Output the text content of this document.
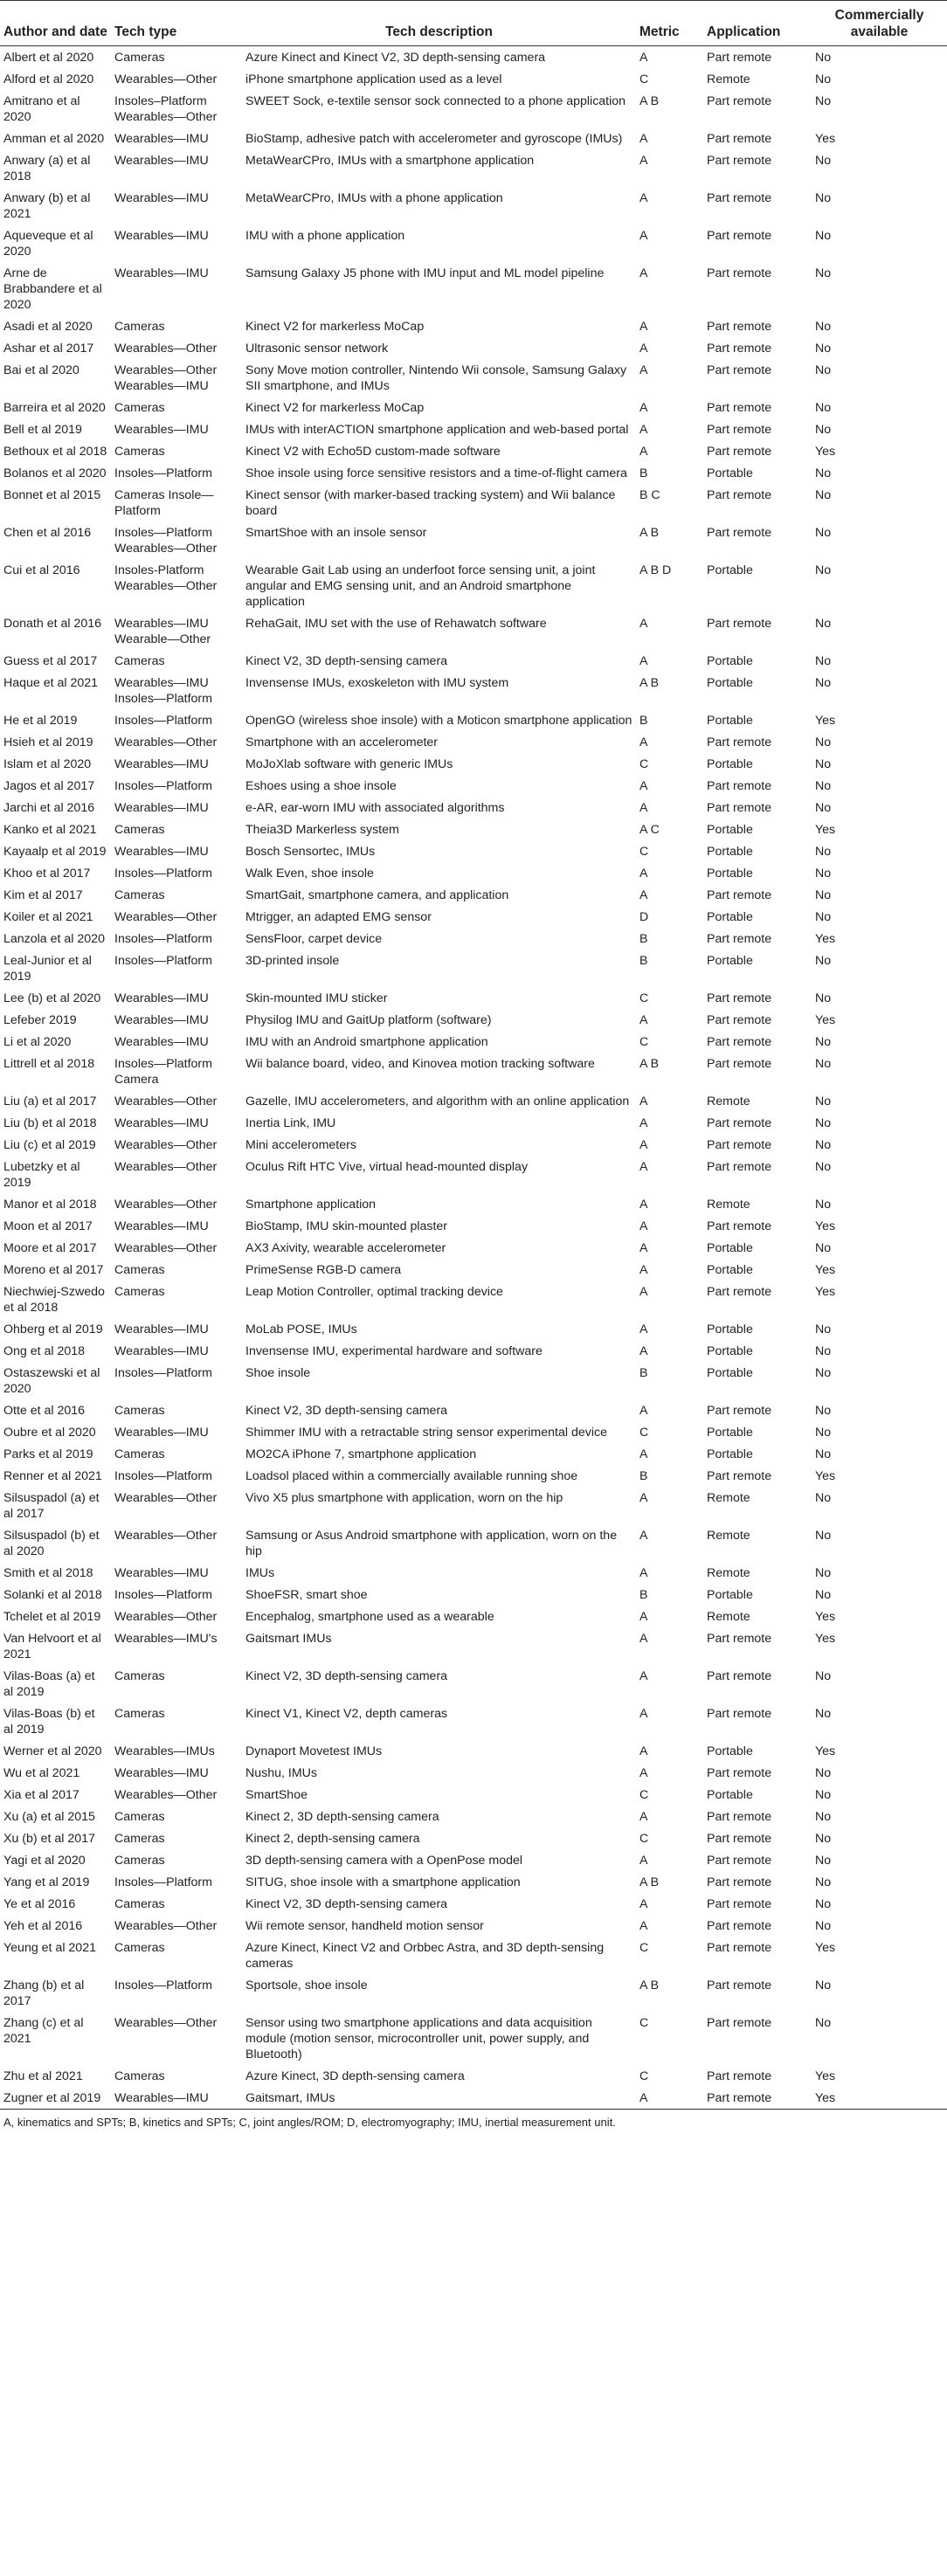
Author and date	Tech type	Tech description	Metric	Application	Commercially available
Albert et al 2020	Cameras	Azure Kinect and Kinect V2, 3D depth-sensing camera	A	Part remote	No
Alford et al 2020	Wearables—Other	iPhone smartphone application used as a level	C	Remote	No
Amitrano et al 2020	Insoles–Platform Wearables—Other	SWEET Sock, e-textile sensor sock connected to a phone application	A B	Part remote	No
Amman et al 2020	Wearables—IMU	BioStamp, adhesive patch with accelerometer and gyroscope (IMUs)	A	Part remote	Yes
Anwary (a) et al 2018	Wearables—IMU	MetaWearCPro, IMUs with a smartphone application	A	Part remote	No
Anwary (b) et al 2021	Wearables—IMU	MetaWearCPro, IMUs with a phone application	A	Part remote	No
Aqueveque et al 2020	Wearables—IMU	IMU with a phone application	A	Part remote	No
Arne de Brabbandere et al 2020	Wearables—IMU	Samsung Galaxy J5 phone with IMU input and ML model pipeline	A	Part remote	No
Asadi et al 2020	Cameras	Kinect V2 for markerless MoCap	A	Part remote	No
Ashar et al 2017	Wearables—Other	Ultrasonic sensor network	A	Part remote	No
Bai et al 2020	Wearables—Other Wearables—IMU	Sony Move motion controller, Nintendo Wii console, Samsung Galaxy SII smartphone, and IMUs	A	Part remote	No
Barreira et al 2020	Cameras	Kinect V2 for markerless MoCap	A	Part remote	No
Bell et al 2019	Wearables—IMU	IMUs with interACTION smartphone application and web-based portal	A	Part remote	No
Bethoux et al 2018	Cameras	Kinect V2 with Echo5D custom-made software	A	Part remote	Yes
Bolanos et al 2020	Insoles—Platform	Shoe insole using force sensitive resistors and a time-of-flight camera	B	Portable	No
Bonnet et al 2015	Cameras Insole—Platform	Kinect sensor (with marker-based tracking system) and Wii balance board	B C	Part remote	No
Chen et al 2016	Insoles—Platform Wearables—Other	SmartShoe with an insole sensor	A B	Part remote	No
Cui et al 2016	Insoles-Platform Wearables—Other	Wearable Gait Lab using an underfoot force sensing unit, a joint angular and EMG sensing unit, and an Android smartphone application	A B D	Portable	No
Donath et al 2016	Wearables—IMU Wearable—Other	RehaGait, IMU set with the use of Rehawatch software	A	Part remote	No
Guess et al 2017	Cameras	Kinect V2, 3D depth-sensing camera	A	Portable	No
Haque et al 2021	Wearables—IMU Insoles—Platform	Invensense IMUs, exoskeleton with IMU system	A B	Portable	No
He et al 2019	Insoles—Platform	OpenGO (wireless shoe insole) with a Moticon smartphone application	B	Portable	Yes
Hsieh et al 2019	Wearables—Other	Smartphone with an accelerometer	A	Part remote	No
Islam et al 2020	Wearables—IMU	MoJoXlab software with generic IMUs	C	Portable	No
Jagos et al 2017	Insoles—Platform	Eshoes using a shoe insole	A	Part remote	No
Jarchi et al 2016	Wearables—IMU	e-AR, ear-worn IMU with associated algorithms	A	Part remote	No
Kanko et al 2021	Cameras	Theia3D Markerless system	A C	Portable	Yes
Kayaalp et al 2019	Wearables—IMU	Bosch Sensortec, IMUs	C	Portable	No
Khoo et al 2017	Insoles—Platform	Walk Even, shoe insole	A	Portable	No
Kim et al 2017	Cameras	SmartGait, smartphone camera, and application	A	Part remote	No
Koiler et al 2021	Wearables—Other	Mtrigger, an adapted EMG sensor	D	Portable	No
Lanzola et al 2020	Insoles—Platform	SensFloor, carpet device	B	Part remote	Yes
Leal-Junior et al 2019	Insoles—Platform	3D-printed insole	B	Portable	No
Lee (b) et al 2020	Wearables—IMU	Skin-mounted IMU sticker	C	Part remote	No
Lefeber 2019	Wearables—IMU	Physilog IMU and GaitUp platform (software)	A	Part remote	Yes
Li et al 2020	Wearables—IMU	IMU with an Android smartphone application	C	Part remote	No
Littrell et al 2018	Insoles—Platform Camera	Wii balance board, video, and Kinovea motion tracking software	A B	Part remote	No
Liu (a) et al 2017	Wearables—Other	Gazelle, IMU accelerometers, and algorithm with an online application	A	Remote	No
Liu (b) et al 2018	Wearables—IMU	Inertia Link, IMU	A	Part remote	No
Liu (c) et al 2019	Wearables—Other	Mini accelerometers	A	Part remote	No
Lubetzky et al 2019	Wearables—Other	Oculus Rift HTC Vive, virtual head-mounted display	A	Part remote	No
Manor et al 2018	Wearables—Other	Smartphone application	A	Remote	No
Moon et al 2017	Wearables—IMU	BioStamp, IMU skin-mounted plaster	A	Part remote	Yes
Moore et al 2017	Wearables—Other	AX3 Axivity, wearable accelerometer	A	Portable	No
Moreno et al 2017	Cameras	PrimeSense RGB-D camera	A	Portable	Yes
Niechwiej-Szwedo et al 2018	Cameras	Leap Motion Controller, optimal tracking device	A	Part remote	Yes
Ohberg et al 2019	Wearables—IMU	MoLab POSE, IMUs	A	Portable	No
Ong et al 2018	Wearables—IMU	Invensense IMU, experimental hardware and software	A	Portable	No
Ostaszewski et al 2020	Insoles—Platform	Shoe insole	B	Portable	No
Otte et al 2016	Cameras	Kinect V2, 3D depth-sensing camera	A	Part remote	No
Oubre et al 2020	Wearables—IMU	Shimmer IMU with a retractable string sensor experimental device	C	Portable	No
Parks et al 2019	Cameras	MO2CA iPhone 7, smartphone application	A	Portable	No
Renner et al 2021	Insoles—Platform	Loadsol placed within a commercially available running shoe	B	Part remote	Yes
Silsuspadol (a) et al 2017	Wearables—Other	Vivo X5 plus smartphone with application, worn on the hip	A	Remote	No
Silsuspadol (b) et al 2020	Wearables—Other	Samsung or Asus Android smartphone with application, worn on the hip	A	Remote	No
Smith et al 2018	Wearables—IMU	IMUs	A	Remote	No
Solanki et al 2018	Insoles—Platform	ShoeFSR, smart shoe	B	Portable	No
Tchelet et al 2019	Wearables—Other	Encephalog, smartphone used as a wearable	A	Remote	Yes
Van Helvoort et al 2021	Wearables—IMU's	Gaitsmart IMUs	A	Part remote	Yes
Vilas-Boas (a) et al 2019	Cameras	Kinect V2, 3D depth-sensing camera	A	Part remote	No
Vilas-Boas (b) et al 2019	Cameras	Kinect V1, Kinect V2, depth cameras	A	Part remote	No
Werner et al 2020	Wearables—IMUs	Dynaport Movetest IMUs	A	Portable	Yes
Wu et al 2021	Wearables—IMU	Nushu, IMUs	A	Part remote	No
Xia et al 2017	Wearables—Other	SmartShoe	C	Portable	No
Xu (a) et al 2015	Cameras	Kinect 2, 3D depth-sensing camera	A	Part remote	No
Xu (b) et al 2017	Cameras	Kinect 2, depth-sensing camera	C	Part remote	No
Yagi et al 2020	Cameras	3D depth-sensing camera with a OpenPose model	A	Part remote	No
Yang et al 2019	Insoles—Platform	SITUG, shoe insole with a smartphone application	A B	Part remote	No
Ye et al 2016	Cameras	Kinect V2, 3D depth-sensing camera	A	Part remote	No
Yeh et al 2016	Wearables—Other	Wii remote sensor, handheld motion sensor	A	Part remote	No
Yeung et al 2021	Cameras	Azure Kinect, Kinect V2 and Orbbec Astra, and 3D depth-sensing cameras	C	Part remote	Yes
Zhang (b) et al 2017	Insoles—Platform	Sportsole, shoe insole	A B	Part remote	No
Zhang (c) et al 2021	Wearables—Other	Sensor using two smartphone applications and data acquisition module (motion sensor, microcontroller unit, power supply, and Bluetooth)	C	Part remote	No
Zhu et al 2021	Cameras	Azure Kinect, 3D depth-sensing camera	C	Part remote	Yes
Zugner et al 2019	Wearables—IMU	Gaitsmart, IMUs	A	Part remote	Yes
A, kinematics and SPTs; B, kinetics and SPTs; C, joint angles/ROM; D, electromyography; IMU, inertial measurement unit.
